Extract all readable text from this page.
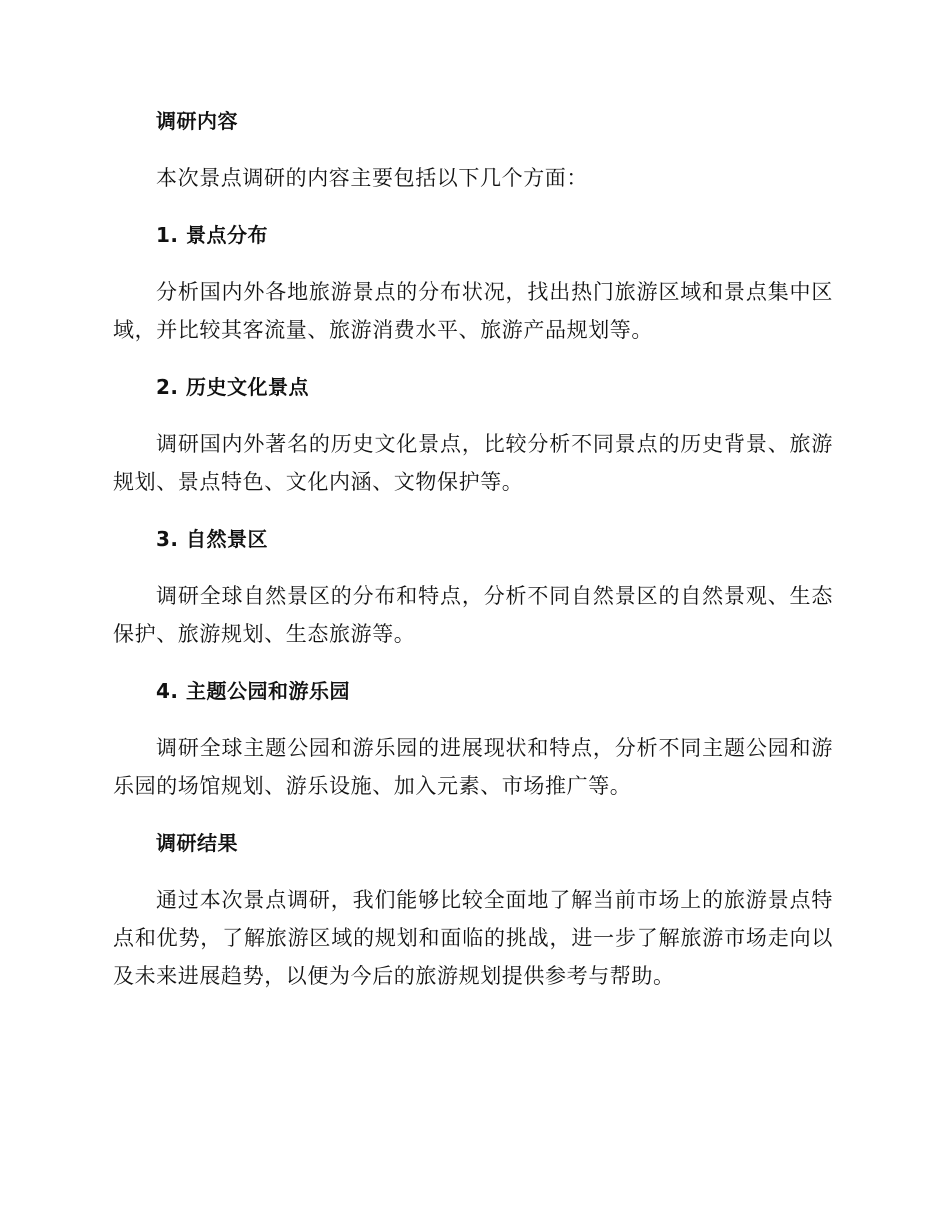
调研内容
本次景点调研的内容主要包括以下几个方面：
1. 景点分布
分析国内外各地旅游景点的分布状况，找出热门旅游区域和景点集中区域，并比较其客流量、旅游消费水平、旅游产品规划等。
2. 历史文化景点
调研国内外著名的历史文化景点，比较分析不同景点的历史背景、旅游规划、景点特色、文化内涵、文物保护等。
3. 自然景区
调研全球自然景区的分布和特点，分析不同自然景区的自然景观、生态保护、旅游规划、生态旅游等。
4. 主题公园和游乐园
调研全球主题公园和游乐园的进展现状和特点，分析不同主题公园和游乐园的场馆规划、游乐设施、加入元素、市场推广等。
调研结果
通过本次景点调研，我们能够比较全面地了解当前市场上的旅游景点特点和优势，了解旅游区域的规划和面临的挑战，进一步了解旅游市场走向以及未来进展趋势，以便为今后的旅游规划提供参考与帮助。
